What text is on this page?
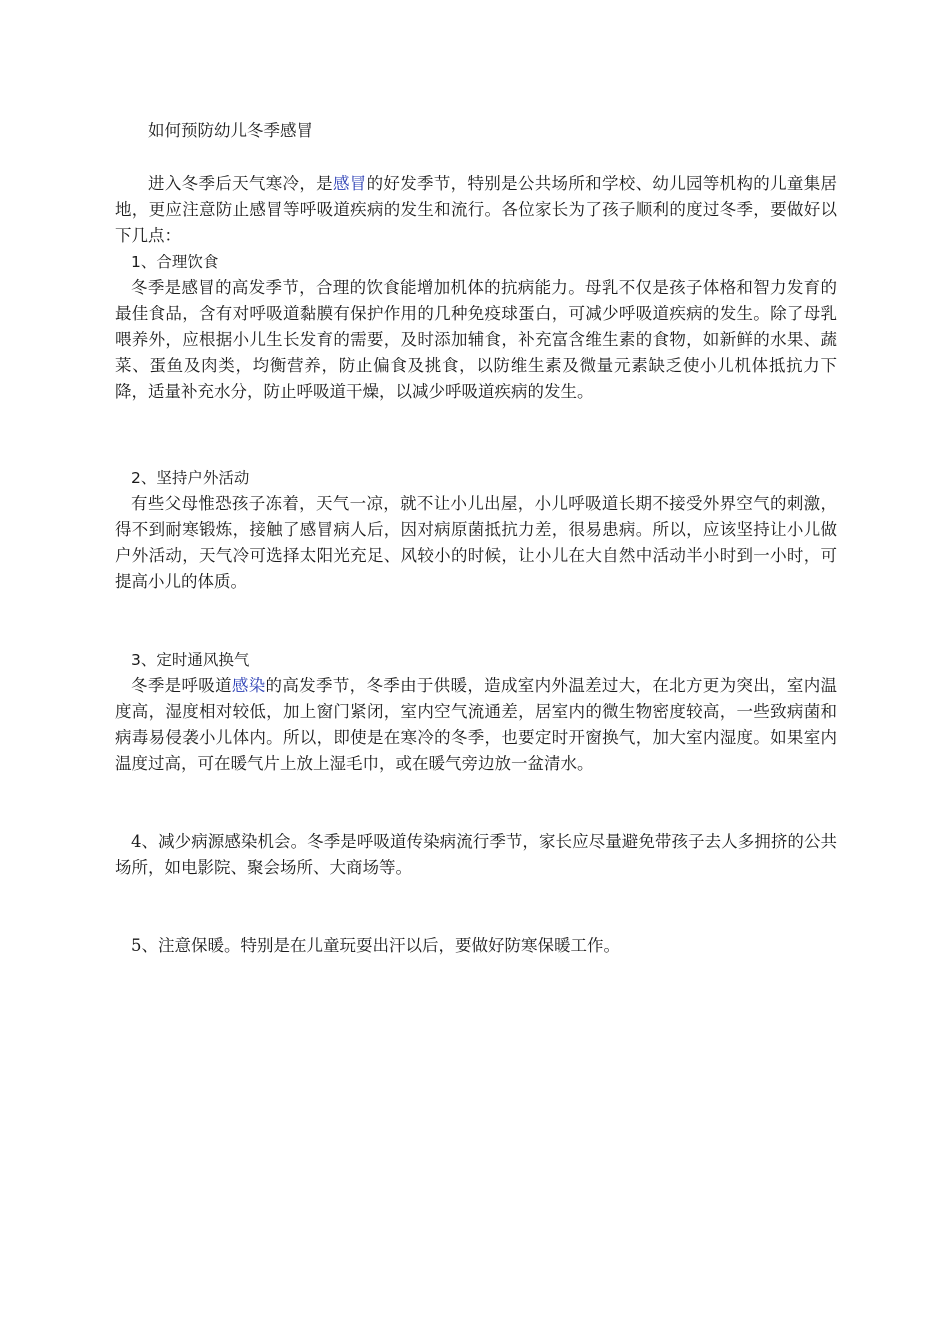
如何预防幼儿冬季感冒

进入冬季后天气寒冷，是感冒的好发季节，特别是公共场所和学校、幼儿园等机构的儿童集居地，更应注意防止感冒等呼吸道疾病的发生和流行。各位家长为了孩子顺利的度过冬季，要做好以下几点：

1、合理饮食

冬季是感冒的高发季节，合理的饮食能增加机体的抗病能力。母乳不仅是孩子体格和智力发育的最佳食品，含有对呼吸道黏膜有保护作用的几种免疫球蛋白，可减少呼吸道疾病的发生。除了母乳喂养外，应根据小儿生长发育的需要，及时添加辅食，补充富含维生素的食物，如新鲜的水果、蔬菜、蛋鱼及肉类，均衡营养，防止偏食及挑食，以防维生素及微量元素缺乏使小儿机体抵抗力下降，适量补充水分，防止呼吸道干燥，以减少呼吸道疾病的发生。

2、坚持户外活动

有些父母惟恐孩子冻着，天气一凉，就不让小儿出屋，小儿呼吸道长期不接受外界空气的刺激，得不到耐寒锻炼，接触了感冒病人后，因对病原菌抵抗力差，很易患病。所以，应该坚持让小儿做户外活动，天气冷可选择太阳光充足、风较小的时候，让小儿在大自然中活动半小时到一小时，可提高小儿的体质。

3、定时通风换气

冬季是呼吸道感染的高发季节，冬季由于供暖，造成室内外温差过大，在北方更为突出，室内温度高，湿度相对较低，加上窗门紧闭，室内空气流通差，居室内的微生物密度较高，一些致病菌和病毒易侵袭小儿体内。所以，即使是在寒冷的冬季，也要定时开窗换气，加大室内湿度。如果室内温度过高，可在暖气片上放上湿毛巾，或在暖气旁边放一盆清水。

4、减少病源感染机会。冬季是呼吸道传染病流行季节，家长应尽量避免带孩子去人多拥挤的公共场所，如电影院、聚会场所、大商场等。

5、注意保暖。特别是在儿童玩耍出汗以后，要做好防寒保暖工作。
